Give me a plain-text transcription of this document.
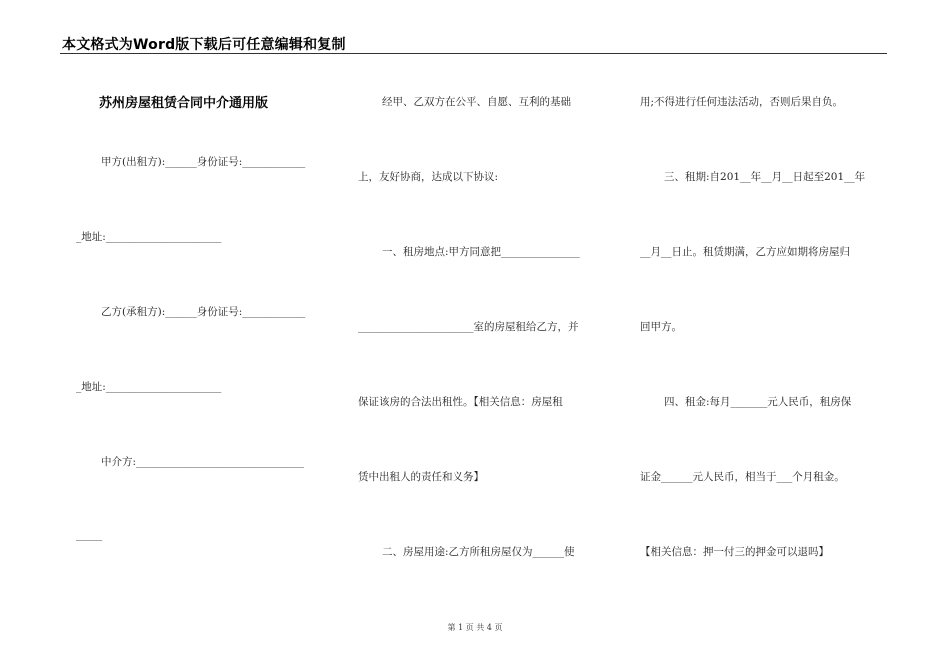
本文格式为Word版下载后可任意编辑和复制
苏州房屋租赁合同中介通用版
甲方(出租方):______身份证号:____________
_地址:______________________
乙方(承租方):______身份证号:____________
_地址:______________________
中介方:________________________________
_____
经甲、乙双方在公平、自愿、互利的基础
上，友好协商，达成以下协议:
一、租房地点:甲方同意把_______________
______________________室的房屋租给乙方，并
保证该房的合法出租性。【相关信息：房屋租
赁中出租人的责任和义务】
二、房屋用途:乙方所租房屋仅为______使
用;不得进行任何违法活动，否则后果自负。
三、租期:自201__年__月__日起至201__年
__月__日止。租赁期满，乙方应如期将房屋归
回甲方。
四、租金:每月_______元人民币，租房保
证金______元人民币，相当于___个月租金。
【相关信息：押一付三的押金可以退吗】
第 1 页 共 4 页
